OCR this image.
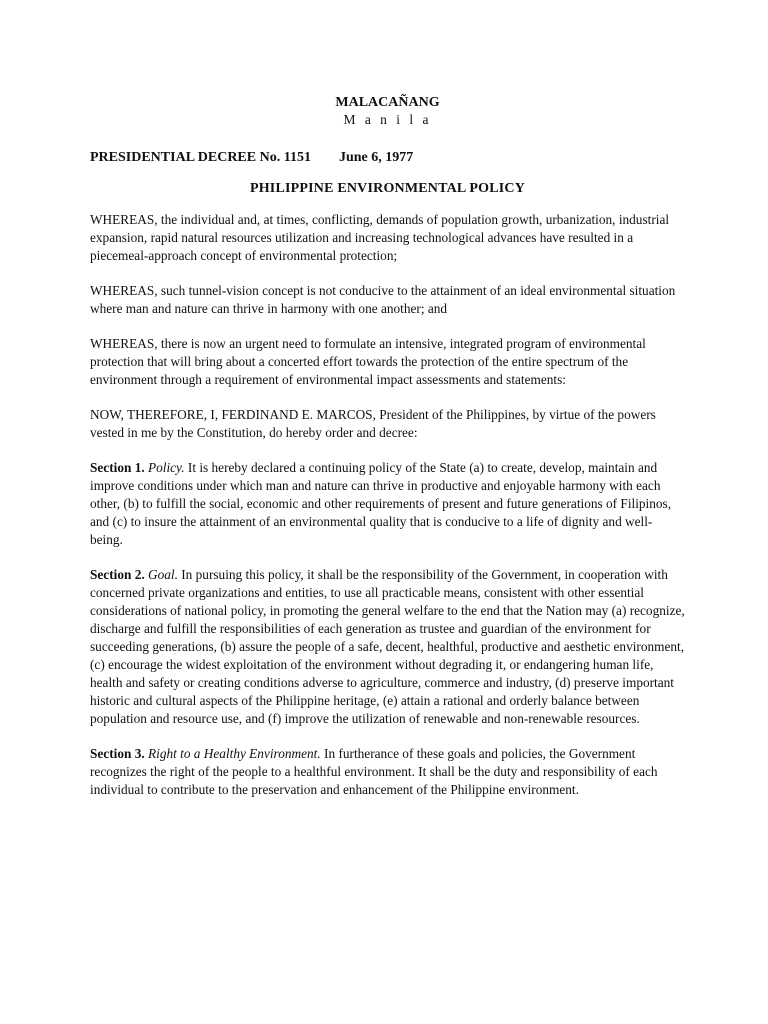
MALACAÑANG
M a n i l a
PRESIDENTIAL DECREE No. 1151 June 6, 1977
PHILIPPINE ENVIRONMENTAL POLICY

WHEREAS, the individual and, at times, conflicting, demands of population growth, urbanization, industrial expansion, rapid natural resources utilization and increasing technological advances have resulted in a piecemeal-approach concept of environmental protection;

WHEREAS, such tunnel-vision concept is not conducive to the attainment of an ideal environmental situation where man and nature can thrive in harmony with one another; and

WHEREAS, there is now an urgent need to formulate an intensive, integrated program of environmental protection that will bring about a concerted effort towards the protection of the entire spectrum of the environment through a requirement of environmental impact assessments and statements:

NOW, THEREFORE, I, FERDINAND E. MARCOS, President of the Philippines, by virtue of the powers vested in me by the Constitution, do hereby order and decree:

Section 1. Policy. It is hereby declared a continuing policy of the State (a) to create, develop, maintain and improve conditions under which man and nature can thrive in productive and enjoyable harmony with each other, (b) to fulfill the social, economic and other requirements of present and future generations of Filipinos, and (c) to insure the attainment of an environmental quality that is conducive to a life of dignity and well-being.

Section 2. Goal. In pursuing this policy, it shall be the responsibility of the Government, in cooperation with concerned private organizations and entities, to use all practicable means, consistent with other essential considerations of national policy, in promoting the general welfare to the end that the Nation may (a) recognize, discharge and fulfill the responsibilities of each generation as trustee and guardian of the environment for succeeding generations, (b) assure the people of a safe, decent, healthful, productive and aesthetic environment, (c) encourage the widest exploitation of the environment without degrading it, or endangering human life, health and safety or creating conditions adverse to agriculture, commerce and industry, (d) preserve important historic and cultural aspects of the Philippine heritage, (e) attain a rational and orderly balance between population and resource use, and (f) improve the utilization of renewable and non-renewable resources.

Section 3. Right to a Healthy Environment. In furtherance of these goals and policies, the Government recognizes the right of the people to a healthful environment. It shall be the duty and responsibility of each individual to contribute to the preservation and enhancement of the Philippine environment.
